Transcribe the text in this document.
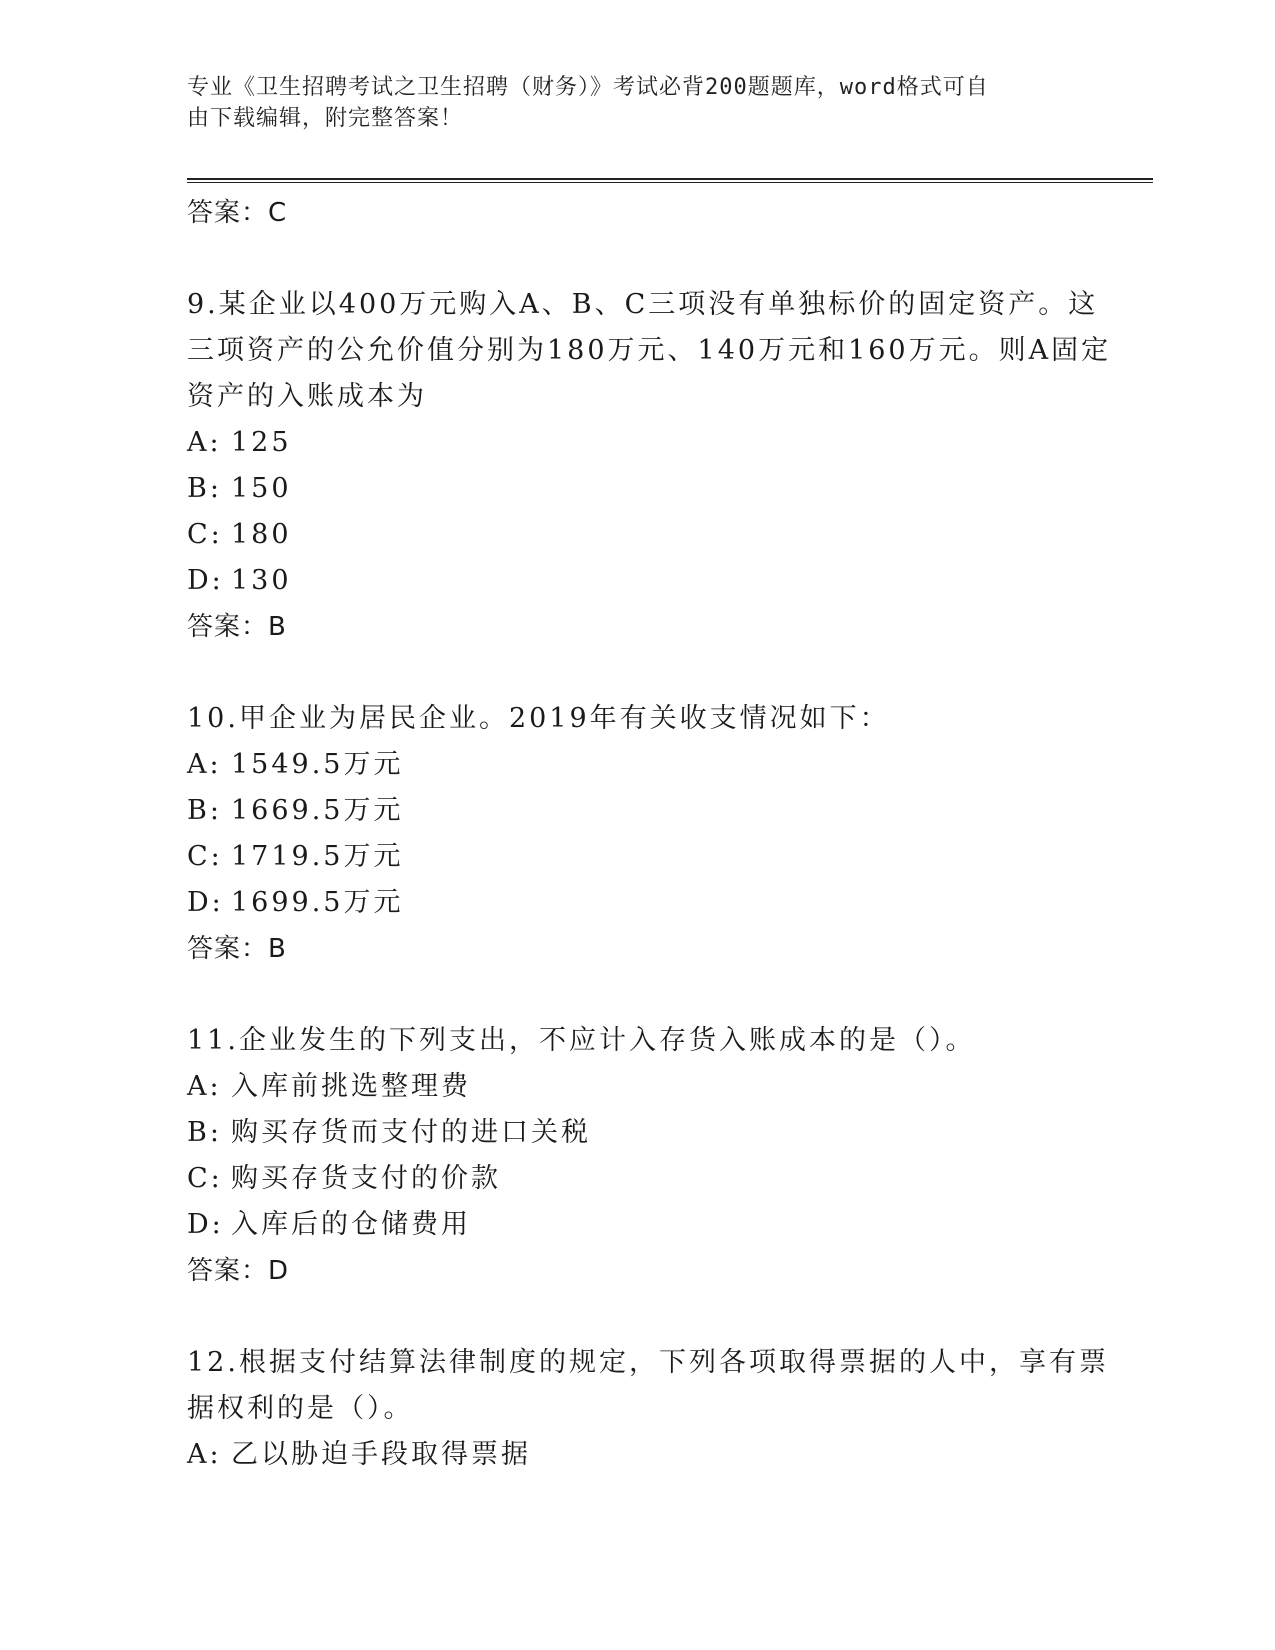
专业《卫生招聘考试之卫生招聘（财务）》考试必背200题题库，word格式可自
由下载编辑，附完整答案！

答案：C

9.某企业以400万元购入A、B、C三项没有单独标价的固定资产。这

三项资产的公允价值分别为180万元、140万元和160万元。则A固定

资产的入账成本为

A: 125

B: 150

C: 180

D: 130

答案：B

10.甲企业为居民企业。2019年有关收支情况如下：

A: 1549.5万元

B: 1669.5万元

C: 1719.5万元

D: 1699.5万元

答案：B

11.企业发生的下列支出，不应计入存货入账成本的是（）。

A: 入库前挑选整理费

B: 购买存货而支付的进口关税

C: 购买存货支付的价款

D: 入库后的仓储费用

答案：D

12.根据支付结算法律制度的规定，下列各项取得票据的人中，享有票

据权利的是（）。

A: 乙以胁迫手段取得票据
